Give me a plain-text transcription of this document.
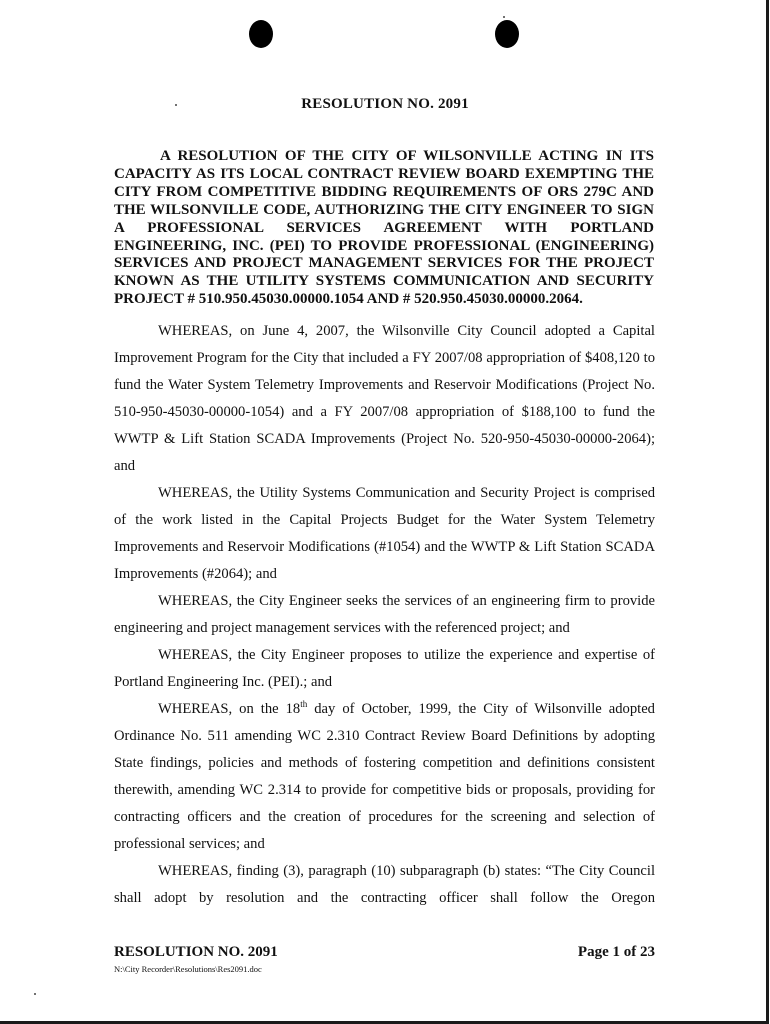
RESOLUTION NO. 2091

A RESOLUTION OF THE CITY OF WILSONVILLE ACTING IN ITS CAPACITY AS ITS LOCAL CONTRACT REVIEW BOARD EXEMPTING THE CITY FROM COMPETITIVE BIDDING REQUIREMENTS OF ORS 279C AND THE WILSONVILLE CODE, AUTHORIZING THE CITY ENGINEER TO SIGN A PROFESSIONAL SERVICES AGREEMENT WITH PORTLAND ENGINEERING, INC. (PEI) TO PROVIDE PROFESSIONAL (ENGINEERING) SERVICES AND PROJECT MANAGEMENT SERVICES FOR THE PROJECT KNOWN AS THE UTILITY SYSTEMS COMMUNICATION AND SECURITY PROJECT # 510.950.45030.00000.1054 AND # 520.950.45030.00000.2064.

WHEREAS, on June 4, 2007, the Wilsonville City Council adopted a Capital Improvement Program for the City that included a FY 2007/08 appropriation of $408,120 to fund the Water System Telemetry Improvements and Reservoir Modifications (Project No. 510-950-45030-00000-1054) and a FY 2007/08 appropriation of $188,100 to fund the WWTP & Lift Station SCADA Improvements (Project No. 520-950-45030-00000-2064); and

WHEREAS, the Utility Systems Communication and Security Project is comprised of the work listed in the Capital Projects Budget for the Water System Telemetry Improvements and Reservoir Modifications (#1054) and the WWTP & Lift Station SCADA Improvements (#2064); and

WHEREAS, the City Engineer seeks the services of an engineering firm to provide engineering and project management services with the referenced project; and

WHEREAS, the City Engineer proposes to utilize the experience and expertise of Portland Engineering Inc. (PEI).; and

WHEREAS, on the 18th day of October, 1999, the City of Wilsonville adopted Ordinance No. 511 amending WC 2.310 Contract Review Board Definitions by adopting State findings, policies and methods of fostering competition and definitions consistent therewith, amending WC 2.314 to provide for competitive bids or proposals, providing for contracting officers and the creation of procedures for the screening and selection of professional services; and

WHEREAS, finding (3), paragraph (10) subparagraph (b) states: “The City Council shall adopt by resolution and the contracting officer shall follow the Oregon

RESOLUTION NO. 2091	Page 1 of 23
N:\City Recorder\Resolutions\Res2091.doc
